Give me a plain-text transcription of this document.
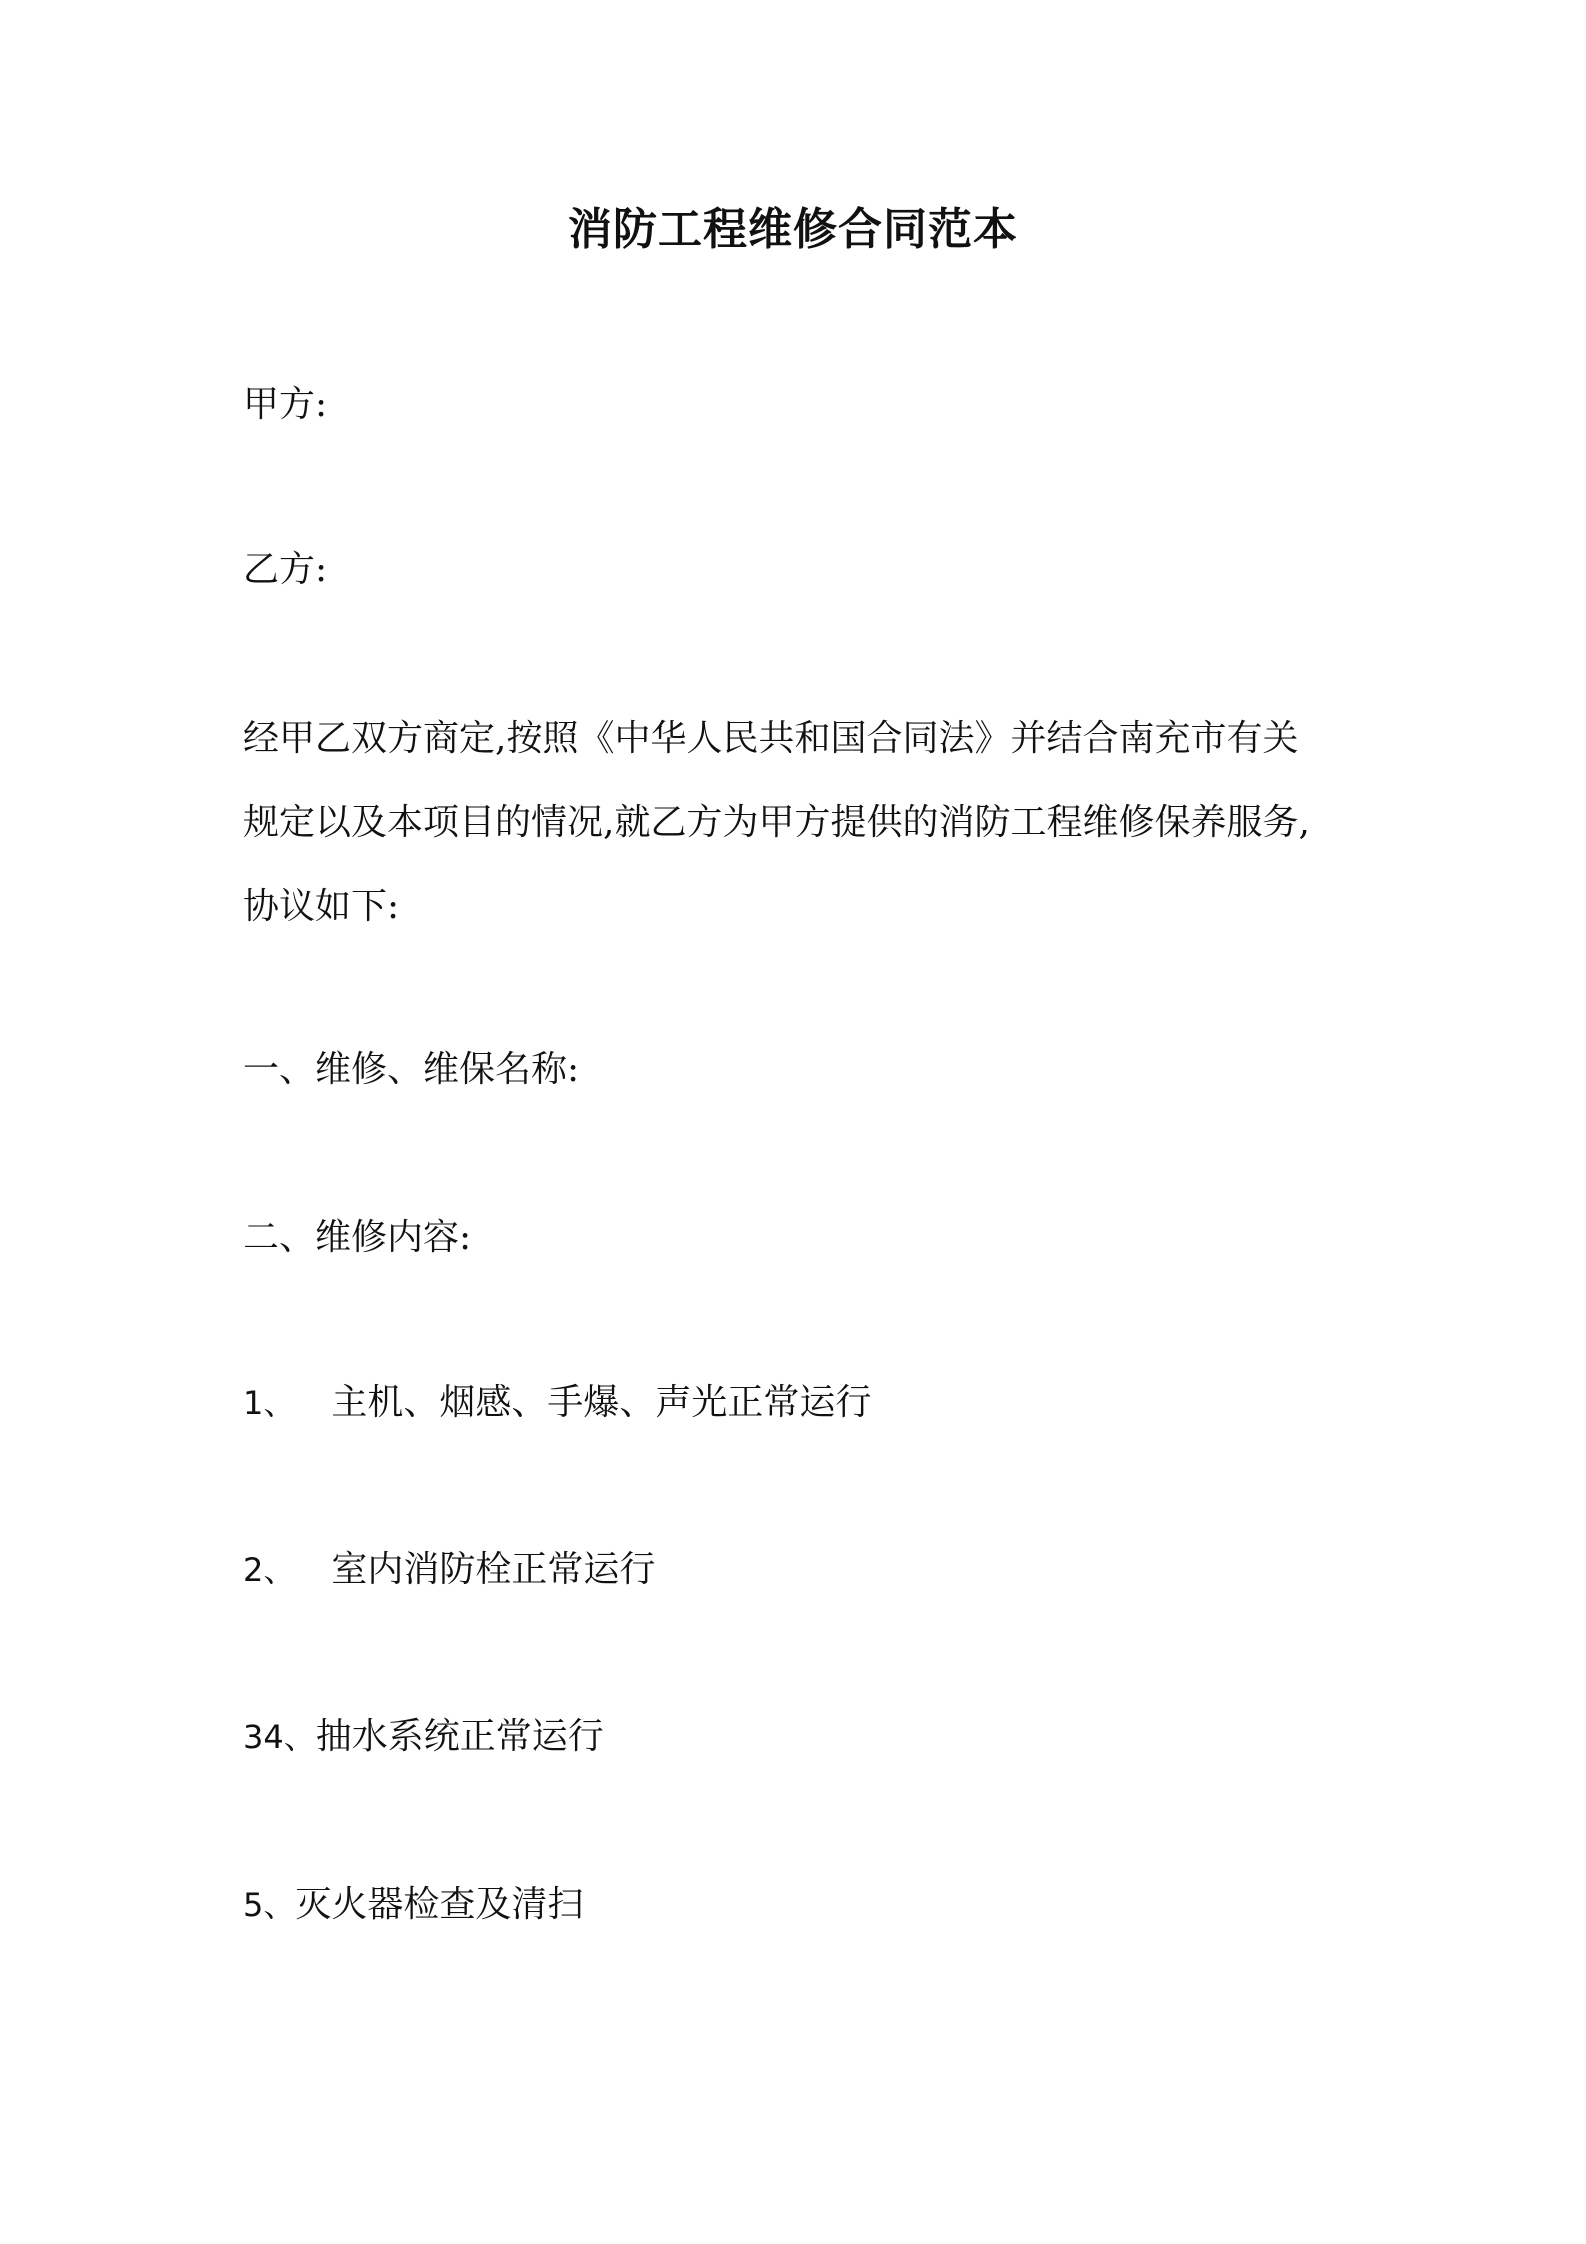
消防工程维修合同范本
甲方:
乙方:
经甲乙双方商定,按照《中华人民共和国合同法》并结合南充市有关
规定以及本项目的情况,就乙方为甲方提供的消防工程维修保养服务,
协议如下:
一、维修、维保名称:
二、维修内容:
1、 主机、烟感、手爆、声光正常运行
2、 室内消防栓正常运行
34、抽水系统正常运行
5、灭火器检查及清扫
